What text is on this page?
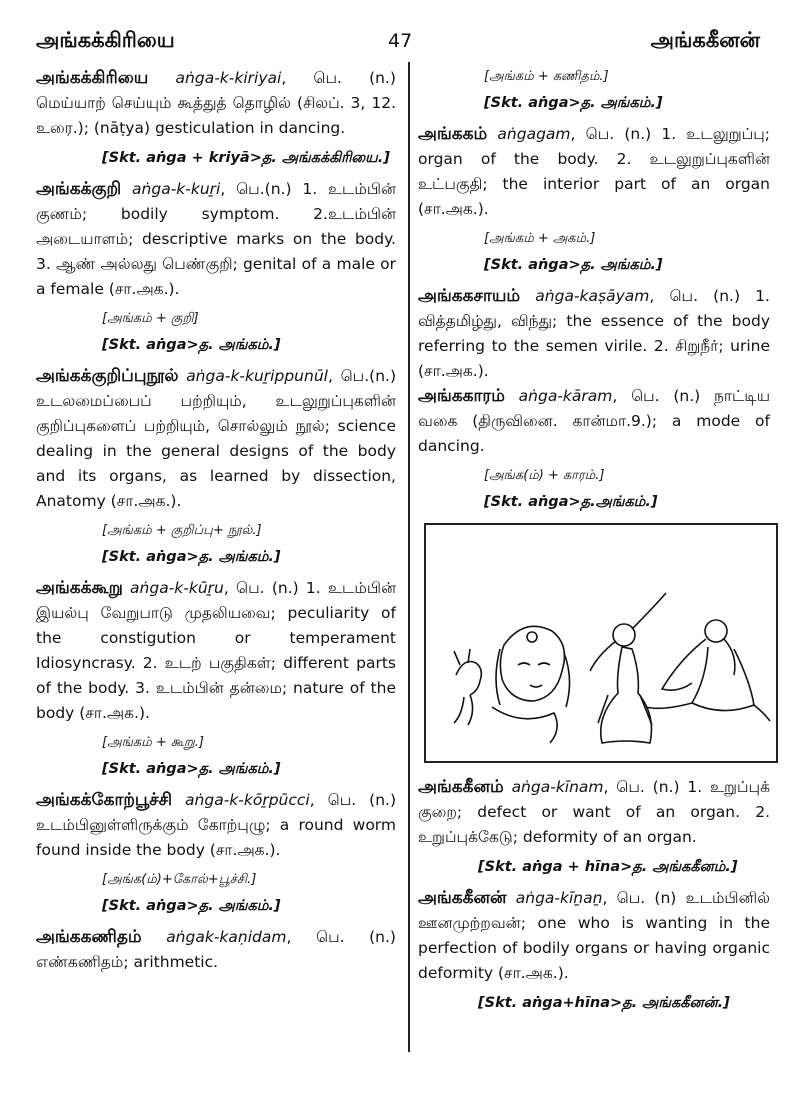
அங்கக்கிரியை	47	அங்ககீனன்

அங்கக்கிரியை aṅga-k-kiriyai, பெ. (n.) மெய்யாற் செய்யும் கூத்துத் தொழில் (சிலப். 3, 12. உரை.); (nāṭya) gesticulation in dancing.

[Skt. aṅga + kriyā>த. அங்கக்கிரியை.]

அங்கக்குறி aṅga-k-kuṟi, பெ.(n.) 1. உடம்பின் குணம்; bodily symptom. 2.உடம்பின் அடையாளம்; descriptive marks on the body. 3. ஆண் அல்லது பெண்குறி; genital of a male or a female (சா.அக.).

[அங்கம் + குறி]
[Skt. aṅga>த. அங்கம்.]

அங்கக்குறிப்புநூல் aṅga-k-kuṟippunūl, பெ.(n.) உடலமைப்பைப் பற்றியும், உடலுறுப்புகளின் குறிப்புகளைப் பற்றியும், சொல்லும் நூல்; science dealing in the general designs of the body and its organs, as learned by dissection, Anatomy (சா.அக.).

[அங்கம் + குறிப்பு+ நூல்.]
[Skt. aṅga>த. அங்கம்.]

அங்கக்கூறு aṅga-k-kūṟu, பெ. (n.) 1. உடம்பின் இயல்பு வேறுபாடு முதலியவை; peculiarity of the constigution or temperament Idiosyncrasy. 2. உடற் பகுதிகள்; different parts of the body. 3. உடம்பின் தன்மை; nature of the body (சா.அக.).

[அங்கம் + கூறு.]
[Skt. aṅga>த. அங்கம்.]

அங்கக்கோற்பூச்சி aṅga-k-kōṟpūcci, பெ. (n.) உடம்பினுள்ளிருக்கும் கோற்புழு; a round worm found inside the body (சா.அக.).

[அங்க(ம்)+கோல்+பூச்சி.]
[Skt. aṅga>த. அங்கம்.]

அங்ககணிதம் aṅgak-kaṇidam, பெ. (n.) எண்கணிதம்; arithmetic.

[அங்கம் + கணிதம்.]
[Skt. aṅga>த. அங்கம்.]

அங்ககம் aṅgagam, பெ. (n.) 1. உடலுறுப்பு; organ of the body. 2. உடலுறுப்புகளின் உட்பகுதி; the interior part of an organ (சா.அக.).

[அங்கம் + அகம்.]
[Skt. aṅga>த. அங்கம்.]

அங்ககசாயம் aṅga-kaṣāyam, பெ. (n.) 1. வித்தமிழ்து, விந்து; the essence of the body referring to the semen virile. 2. சிறுநீர்; urine (சா.அக.).

அங்ககாரம் aṅga-kāram, பெ. (n.) நாட்டிய வகை (திருவினை. கான்மா.9.); a mode of dancing.

[அங்க(ம்) + காரம்.]
[Skt. aṅga>த.அங்கம்.]

அங்ககீனம் aṅga-kīnam, பெ. (n.) 1. உறுப்புக் குறை; defect or want of an organ. 2. உறுப்புக்கேடு; deformity of an organ.

[Skt. aṅga + hīna>த. அங்ககீனம்.]

அங்ககீனன் aṅga-kīṉaṉ, பெ. (n) உடம்பினில் ஊனமுற்றவன்; one who is wanting in the perfection of bodily organs or having organic deformity (சா.அக.).

[Skt. aṅga+hīna>த. அங்ககீனன்.]
